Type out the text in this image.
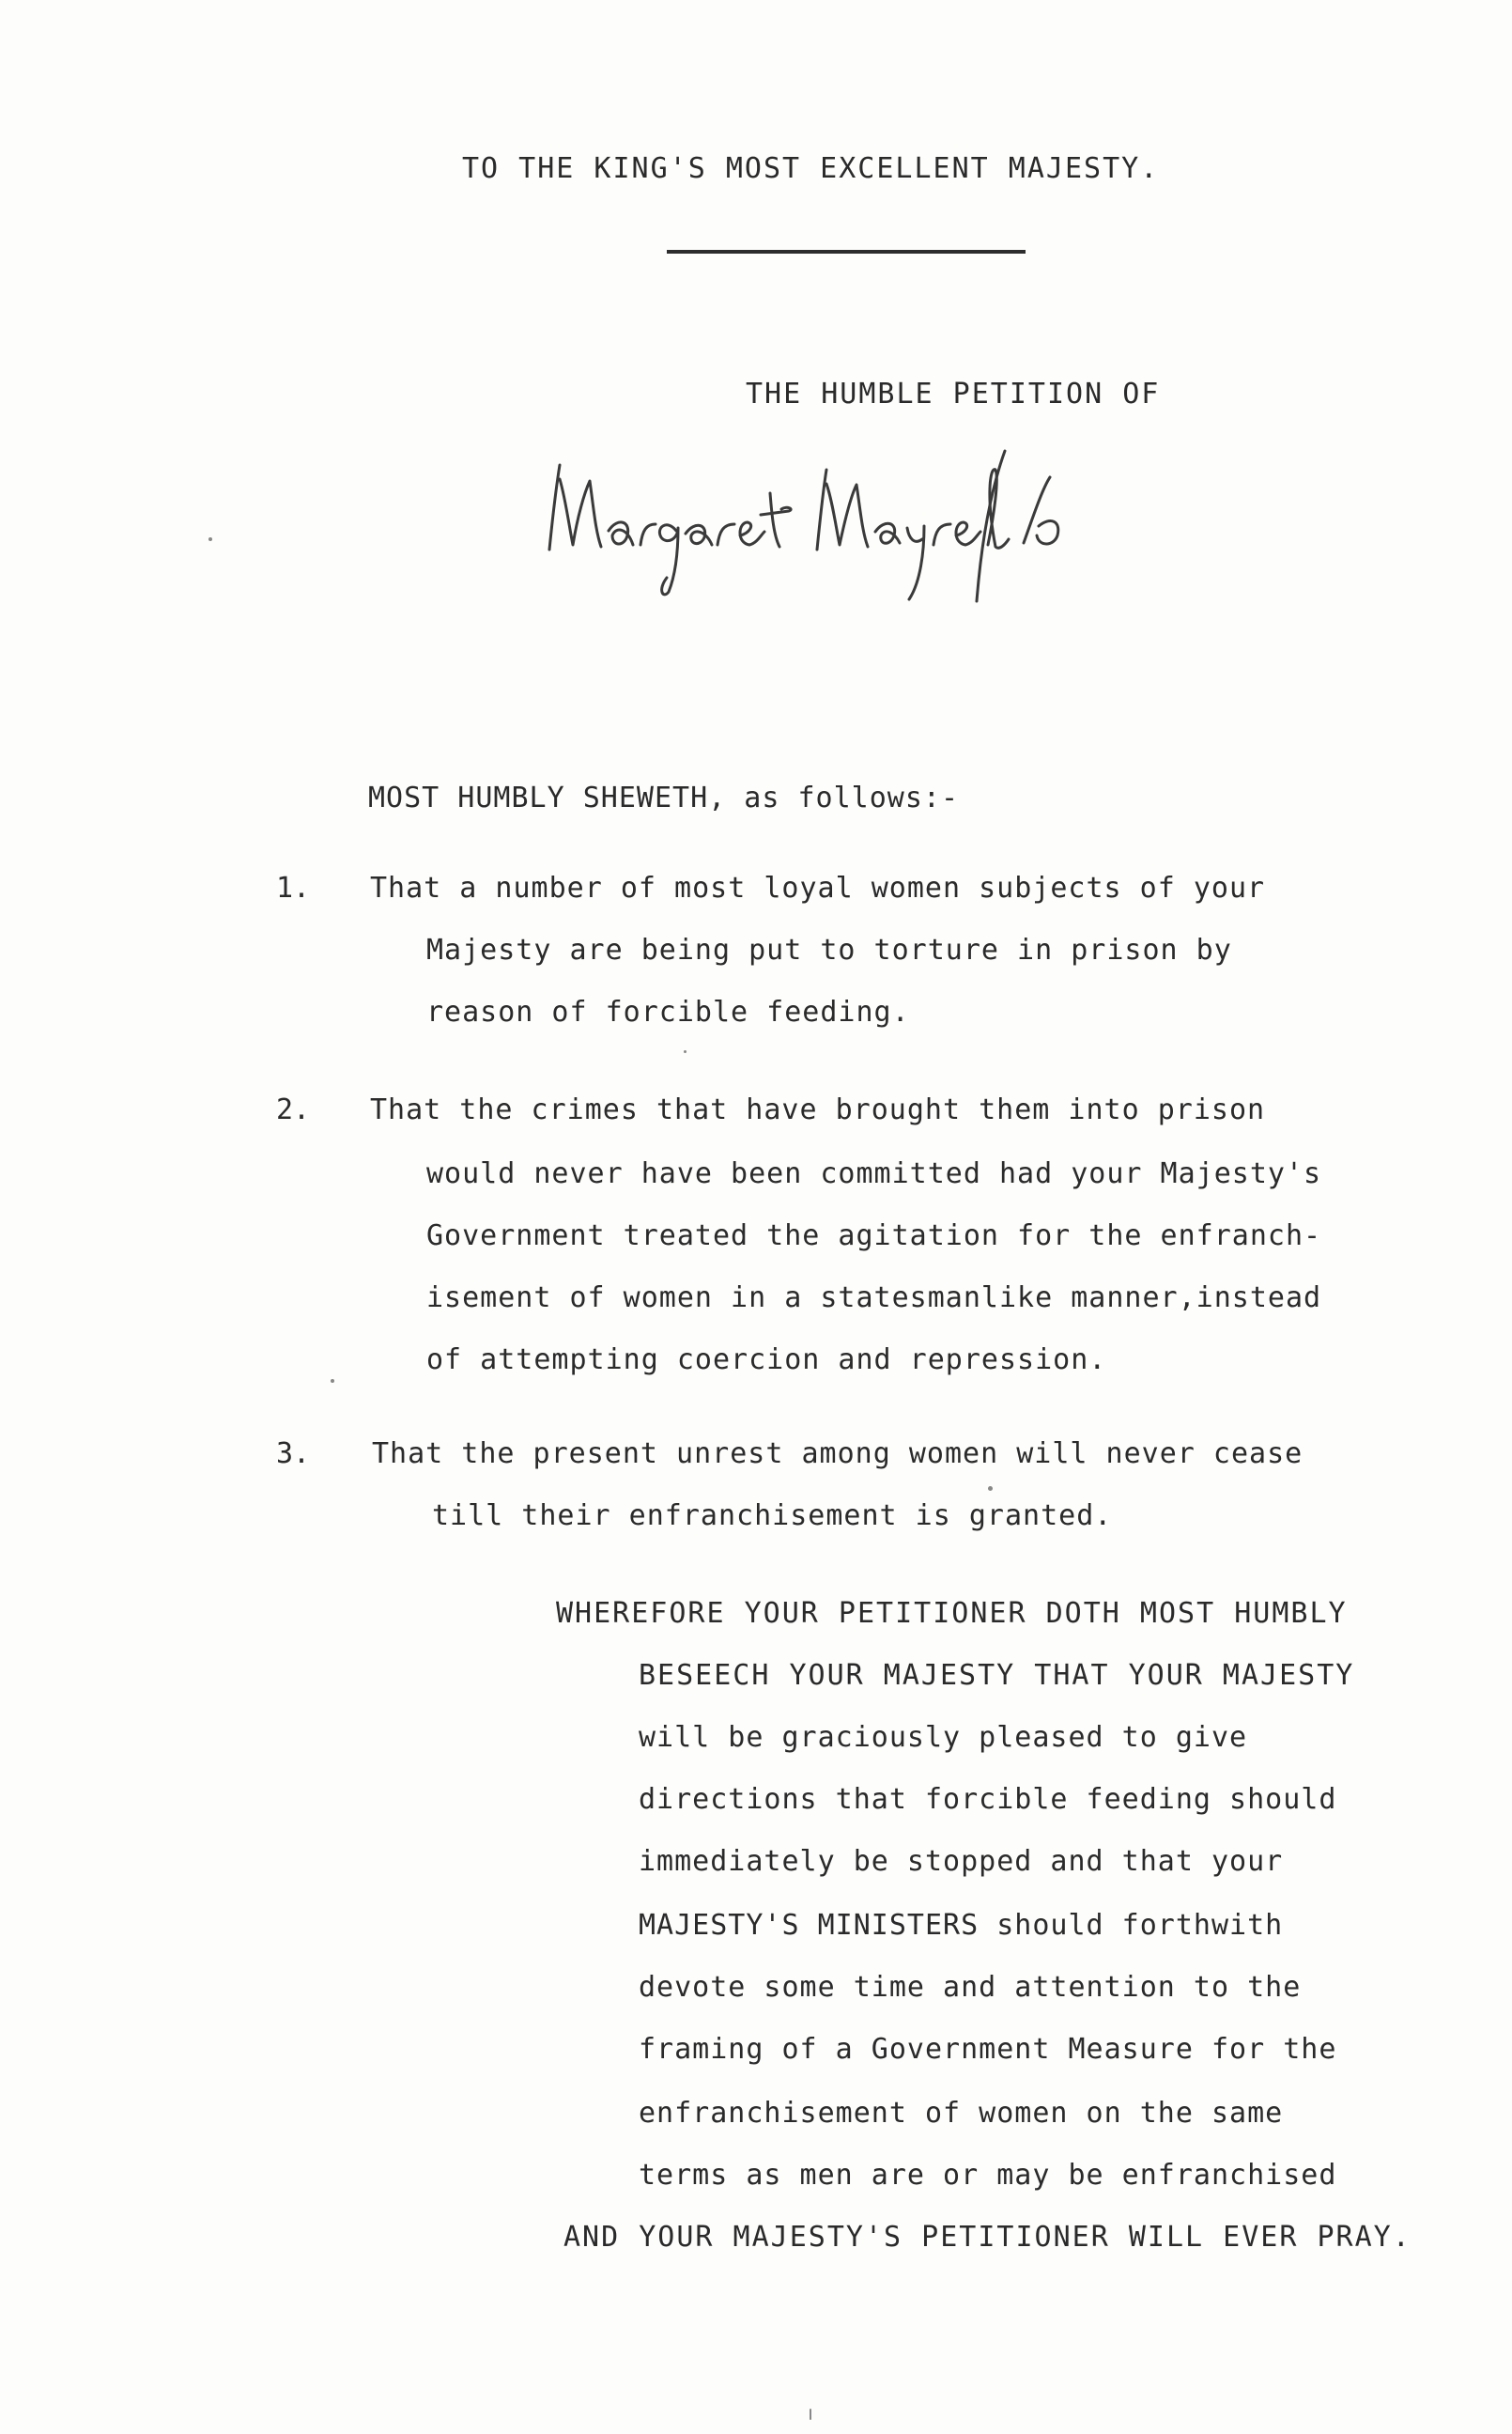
TO THE KING'S MOST EXCELLENT MAJESTY.
THE HUMBLE PETITION OF
MOST HUMBLY SHEWETH, as follows:-
1. That a number of most loyal women subjects of your
Majesty are being put to torture in prison by
reason of forcible feeding.
2. That the crimes that have brought them into prison
would never have been committed had your Majesty's
Government treated the agitation for the enfranch-
isement of women in a statesmanlike manner,instead
of attempting coercion and repression.
3. That the present unrest among women will never cease
till their enfranchisement is granted.
WHEREFORE YOUR PETITIONER DOTH MOST HUMBLY
BESEECH YOUR MAJESTY THAT YOUR MAJESTY
will be graciously pleased to give
directions that forcible feeding should
immediately be stopped and that your
MAJESTY'S MINISTERS should forthwith
devote some time and attention to the
framing of a Government Measure for the
enfranchisement of women on the same
terms as men are or may be enfranchised
AND YOUR MAJESTY'S PETITIONER WILL EVER PRAY.
